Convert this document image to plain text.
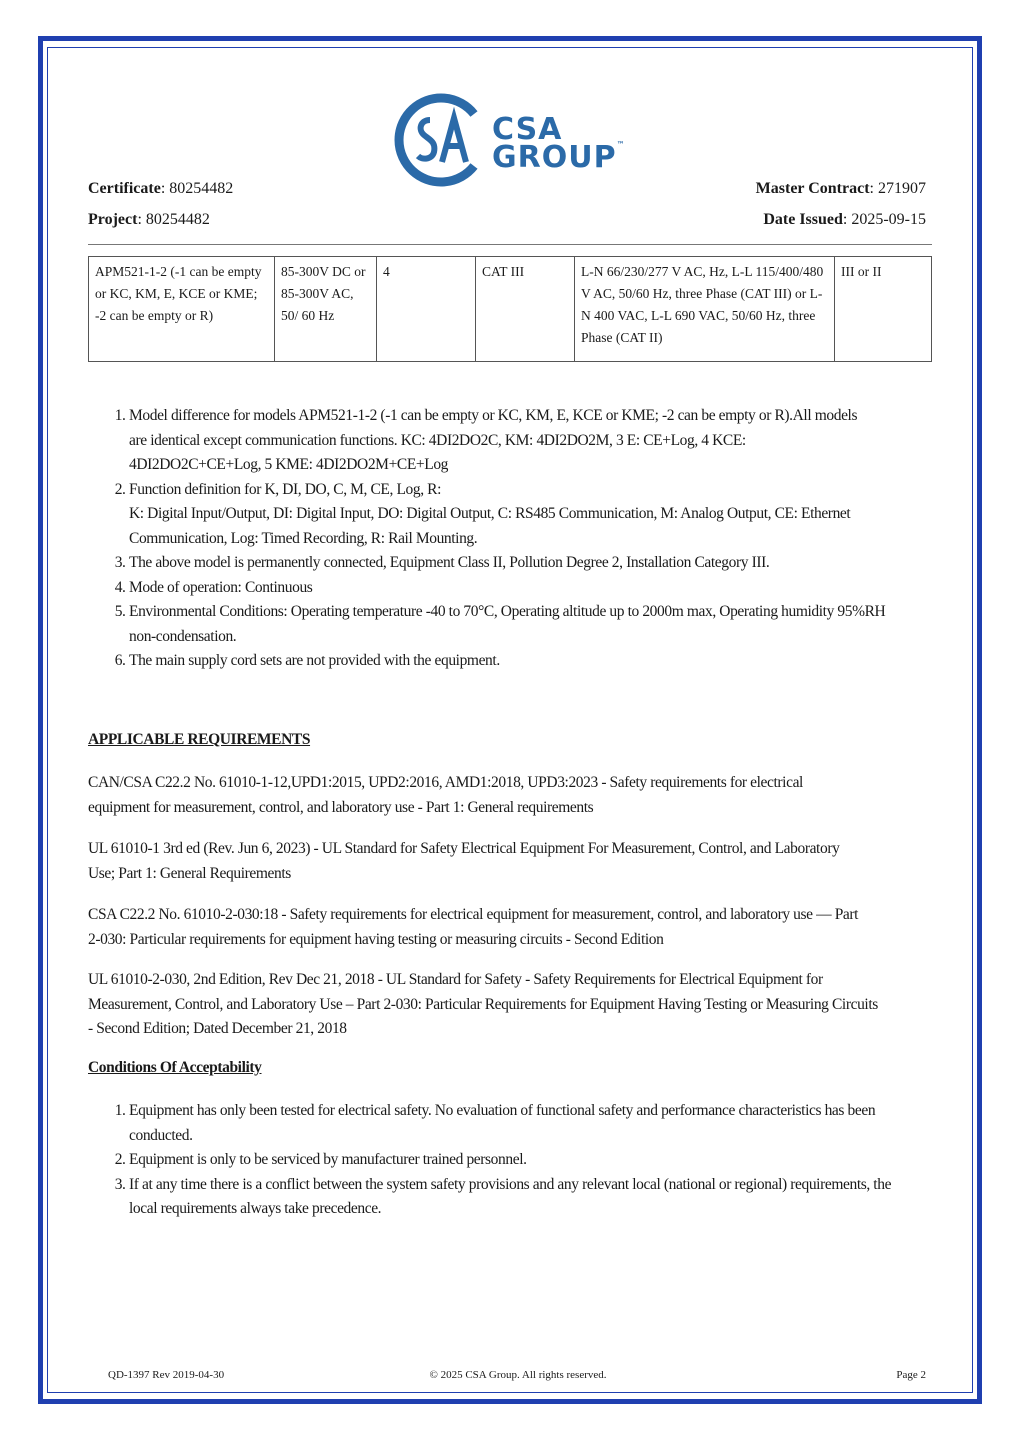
CSA
GROUP™
Certificate: 80254482
Project: 80254482
Master Contract: 271907
Date Issued: 2025-09-15
APM521-1-2 (-1 can be empty or KC, KM, E, KCE or KME; -2 can be empty or R)	85-300V DC or 85-300V AC, 50/ 60 Hz	4	CAT III	L-N 66/230/277 V AC, Hz, L-L 115/400/480 V AC, 50/60 Hz, three Phase (CAT III) or L-N 400 VAC, L-L 690 VAC, 50/60 Hz, three Phase (CAT II)	III or II
1. Model difference for models APM521-1-2 (-1 can be empty or KC, KM, E, KCE or KME; -2 can be empty or R).All models
are identical except communication functions. KC: 4DI2DO2C, KM: 4DI2DO2M, 3 E: CE+Log, 4 KCE:
4DI2DO2C+CE+Log, 5 KME: 4DI2DO2M+CE+Log
2. Function definition for K, DI, DO, C, M, CE, Log, R:
K: Digital Input/Output, DI: Digital Input, DO: Digital Output, C: RS485 Communication, M: Analog Output, CE: Ethernet
Communication, Log: Timed Recording, R: Rail Mounting.
3. The above model is permanently connected, Equipment Class II, Pollution Degree 2, Installation Category III.
4. Mode of operation: Continuous
5. Environmental Conditions: Operating temperature -40 to 70°C, Operating altitude up to 2000m max, Operating humidity 95%RH
non-condensation.
6. The main supply cord sets are not provided with the equipment.
APPLICABLE REQUIREMENTS

CAN/CSA C22.2 No. 61010-1-12,UPD1:2015, UPD2:2016, AMD1:2018, UPD3:2023 - Safety requirements for electrical
equipment for measurement, control, and laboratory use - Part 1: General requirements

UL 61010-1 3rd ed (Rev. Jun 6, 2023) - UL Standard for Safety Electrical Equipment For Measurement, Control, and Laboratory
Use; Part 1: General Requirements

CSA C22.2 No. 61010-2-030:18 - Safety requirements for electrical equipment for measurement, control, and laboratory use — Part
2-030: Particular requirements for equipment having testing or measuring circuits - Second Edition

UL 61010-2-030, 2nd Edition, Rev Dec 21, 2018 - UL Standard for Safety - Safety Requirements for Electrical Equipment for
Measurement, Control, and Laboratory Use – Part 2-030: Particular Requirements for Equipment Having Testing or Measuring Circuits
- Second Edition; Dated December 21, 2018

Conditions Of Acceptability
1. Equipment has only been tested for electrical safety. No evaluation of functional safety and performance characteristics has been
conducted.
2. Equipment is only to be serviced by manufacturer trained personnel.
3. If at any time there is a conflict between the system safety provisions and any relevant local (national or regional) requirements, the
local requirements always take precedence.
QD-1397 Rev 2019-04-30	© 2025 CSA Group. All rights reserved.	Page 2
